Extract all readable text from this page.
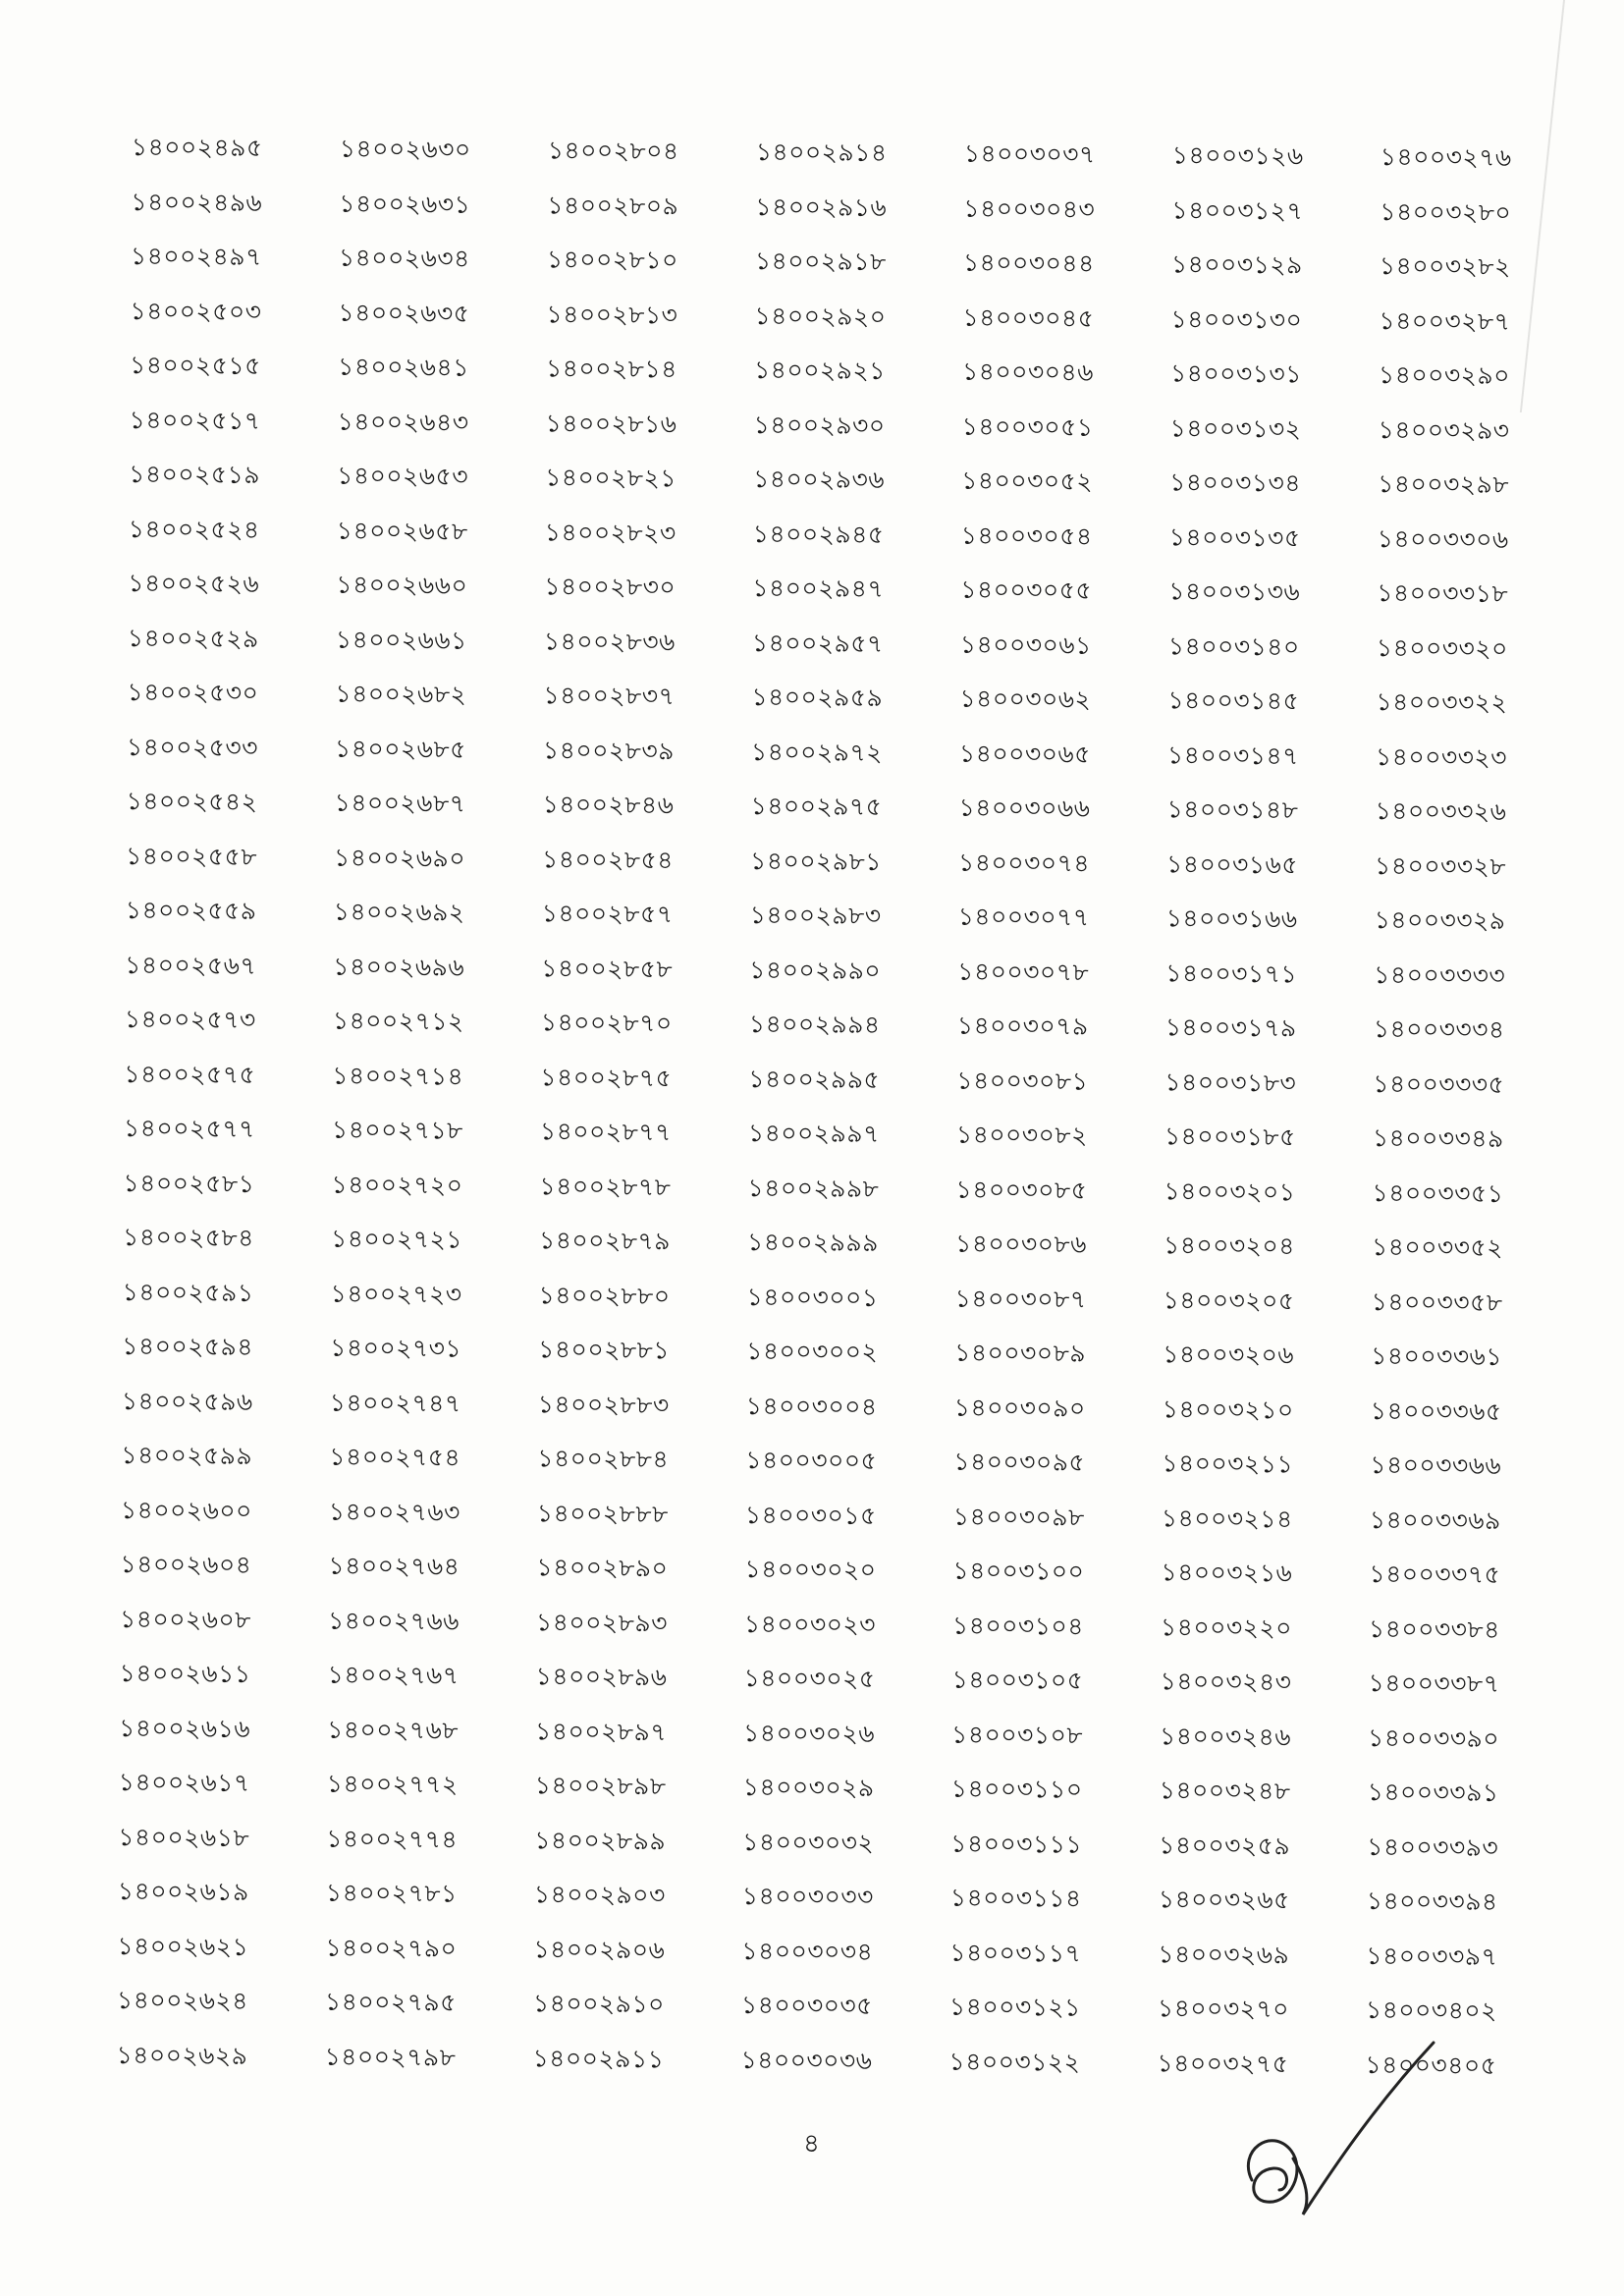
১৪০০২৪৯৫
১৪০০২৪৯৬
১৪০০২৪৯৭
১৪০০২৫০৩
১৪০০২৫১৫
১৪০০২৫১৭
১৪০০২৫১৯
১৪০০২৫২৪
১৪০০২৫২৬
১৪০০২৫২৯
১৪০০২৫৩০
১৪০০২৫৩৩
১৪০০২৫৪২
১৪০০২৫৫৮
১৪০০২৫৫৯
১৪০০২৫৬৭
১৪০০২৫৭৩
১৪০০২৫৭৫
১৪০০২৫৭৭
১৪০০২৫৮১
১৪০০২৫৮৪
১৪০০২৫৯১
১৪০০২৫৯৪
১৪০০২৫৯৬
১৪০০২৫৯৯
১৪০০২৬০০
১৪০০২৬০৪
১৪০০২৬০৮
১৪০০২৬১১
১৪০০২৬১৬
১৪০০২৬১৭
১৪০০২৬১৮
১৪০০২৬১৯
১৪০০২৬২১
১৪০০২৬২৪
১৪০০২৬২৯
১৪০০২৬৩০
১৪০০২৬৩১
১৪০০২৬৩৪
১৪০০২৬৩৫
১৪০০২৬৪১
১৪০০২৬৪৩
১৪০০২৬৫৩
১৪০০২৬৫৮
১৪০০২৬৬০
১৪০০২৬৬১
১৪০০২৬৮২
১৪০০২৬৮৫
১৪০০২৬৮৭
১৪০০২৬৯০
১৪০০২৬৯২
১৪০০২৬৯৬
১৪০০২৭১২
১৪০০২৭১৪
১৪০০২৭১৮
১৪০০২৭২০
১৪০০২৭২১
১৪০০২৭২৩
১৪০০২৭৩১
১৪০০২৭৪৭
১৪০০২৭৫৪
১৪০০২৭৬৩
১৪০০২৭৬৪
১৪০০২৭৬৬
১৪০০২৭৬৭
১৪০০২৭৬৮
১৪০০২৭৭২
১৪০০২৭৭৪
১৪০০২৭৮১
১৪০০২৭৯০
১৪০০২৭৯৫
১৪০০২৭৯৮
১৪০০২৮০৪
১৪০০২৮০৯
১৪০০২৮১০
১৪০০২৮১৩
১৪০০২৮১৪
১৪০০২৮১৬
১৪০০২৮২১
১৪০০২৮২৩
১৪০০২৮৩০
১৪০০২৮৩৬
১৪০০২৮৩৭
১৪০০২৮৩৯
১৪০০২৮৪৬
১৪০০২৮৫৪
১৪০০২৮৫৭
১৪০০২৮৫৮
১৪০০২৮৭০
১৪০০২৮৭৫
১৪০০২৮৭৭
১৪০০২৮৭৮
১৪০০২৮৭৯
১৪০০২৮৮০
১৪০০২৮৮১
১৪০০২৮৮৩
১৪০০২৮৮৪
১৪০০২৮৮৮
১৪০০২৮৯০
১৪০০২৮৯৩
১৪০০২৮৯৬
১৪০০২৮৯৭
১৪০০২৮৯৮
১৪০০২৮৯৯
১৪০০২৯০৩
১৪০০২৯০৬
১৪০০২৯১০
১৪০০২৯১১
১৪০০২৯১৪
১৪০০২৯১৬
১৪০০২৯১৮
১৪০০২৯২০
১৪০০২৯২১
১৪০০২৯৩০
১৪০০২৯৩৬
১৪০০২৯৪৫
১৪০০২৯৪৭
১৪০০২৯৫৭
১৪০০২৯৫৯
১৪০০২৯৭২
১৪০০২৯৭৫
১৪০০২৯৮১
১৪০০২৯৮৩
১৪০০২৯৯০
১৪০০২৯৯৪
১৪০০২৯৯৫
১৪০০২৯৯৭
১৪০০২৯৯৮
১৪০০২৯৯৯
১৪০০৩০০১
১৪০০৩০০২
১৪০০৩০০৪
১৪০০৩০০৫
১৪০০৩০১৫
১৪০০৩০২০
১৪০০৩০২৩
১৪০০৩০২৫
১৪০০৩০২৬
১৪০০৩০২৯
১৪০০৩০৩২
১৪০০৩০৩৩
১৪০০৩০৩৪
১৪০০৩০৩৫
১৪০০৩০৩৬
১৪০০৩০৩৭
১৪০০৩০৪৩
১৪০০৩০৪৪
১৪০০৩০৪৫
১৪০০৩০৪৬
১৪০০৩০৫১
১৪০০৩০৫২
১৪০০৩০৫৪
১৪০০৩০৫৫
১৪০০৩০৬১
১৪০০৩০৬২
১৪০০৩০৬৫
১৪০০৩০৬৬
১৪০০৩০৭৪
১৪০০৩০৭৭
১৪০০৩০৭৮
১৪০০৩০৭৯
১৪০০৩০৮১
১৪০০৩০৮২
১৪০০৩০৮৫
১৪০০৩০৮৬
১৪০০৩০৮৭
১৪০০৩০৮৯
১৪০০৩০৯০
১৪০০৩০৯৫
১৪০০৩০৯৮
১৪০০৩১০০
১৪০০৩১০৪
১৪০০৩১০৫
১৪০০৩১০৮
১৪০০৩১১০
১৪০০৩১১১
১৪০০৩১১৪
১৪০০৩১১৭
১৪০০৩১২১
১৪০০৩১২২
১৪০০৩১২৬
১৪০০৩১২৭
১৪০০৩১২৯
১৪০০৩১৩০
১৪০০৩১৩১
১৪০০৩১৩২
১৪০০৩১৩৪
১৪০০৩১৩৫
১৪০০৩১৩৬
১৪০০৩১৪০
১৪০০৩১৪৫
১৪০০৩১৪৭
১৪০০৩১৪৮
১৪০০৩১৬৫
১৪০০৩১৬৬
১৪০০৩১৭১
১৪০০৩১৭৯
১৪০০৩১৮৩
১৪০০৩১৮৫
১৪০০৩২০১
১৪০০৩২০৪
১৪০০৩২০৫
১৪০০৩২০৬
১৪০০৩২১০
১৪০০৩২১১
১৪০০৩২১৪
১৪০০৩২১৬
১৪০০৩২২০
১৪০০৩২৪৩
১৪০০৩২৪৬
১৪০০৩২৪৮
১৪০০৩২৫৯
১৪০০৩২৬৫
১৪০০৩২৬৯
১৪০০৩২৭০
১৪০০৩২৭৫
১৪০০৩২৭৬
১৪০০৩২৮০
১৪০০৩২৮২
১৪০০৩২৮৭
১৪০০৩২৯০
১৪০০৩২৯৩
১৪০০৩২৯৮
১৪০০৩৩০৬
১৪০০৩৩১৮
১৪০০৩৩২০
১৪০০৩৩২২
১৪০০৩৩২৩
১৪০০৩৩২৬
১৪০০৩৩২৮
১৪০০৩৩২৯
১৪০০৩৩৩৩
১৪০০৩৩৩৪
১৪০০৩৩৩৫
১৪০০৩৩৪৯
১৪০০৩৩৫১
১৪০০৩৩৫২
১৪০০৩৩৫৮
১৪০০৩৩৬১
১৪০০৩৩৬৫
১৪০০৩৩৬৬
১৪০০৩৩৬৯
১৪০০৩৩৭৫
১৪০০৩৩৮৪
১৪০০৩৩৮৭
১৪০০৩৩৯০
১৪০০৩৩৯১
১৪০০৩৩৯৩
১৪০০৩৩৯৪
১৪০০৩৩৯৭
১৪০০৩৪০২
১৪০০৩৪০৫
৪
